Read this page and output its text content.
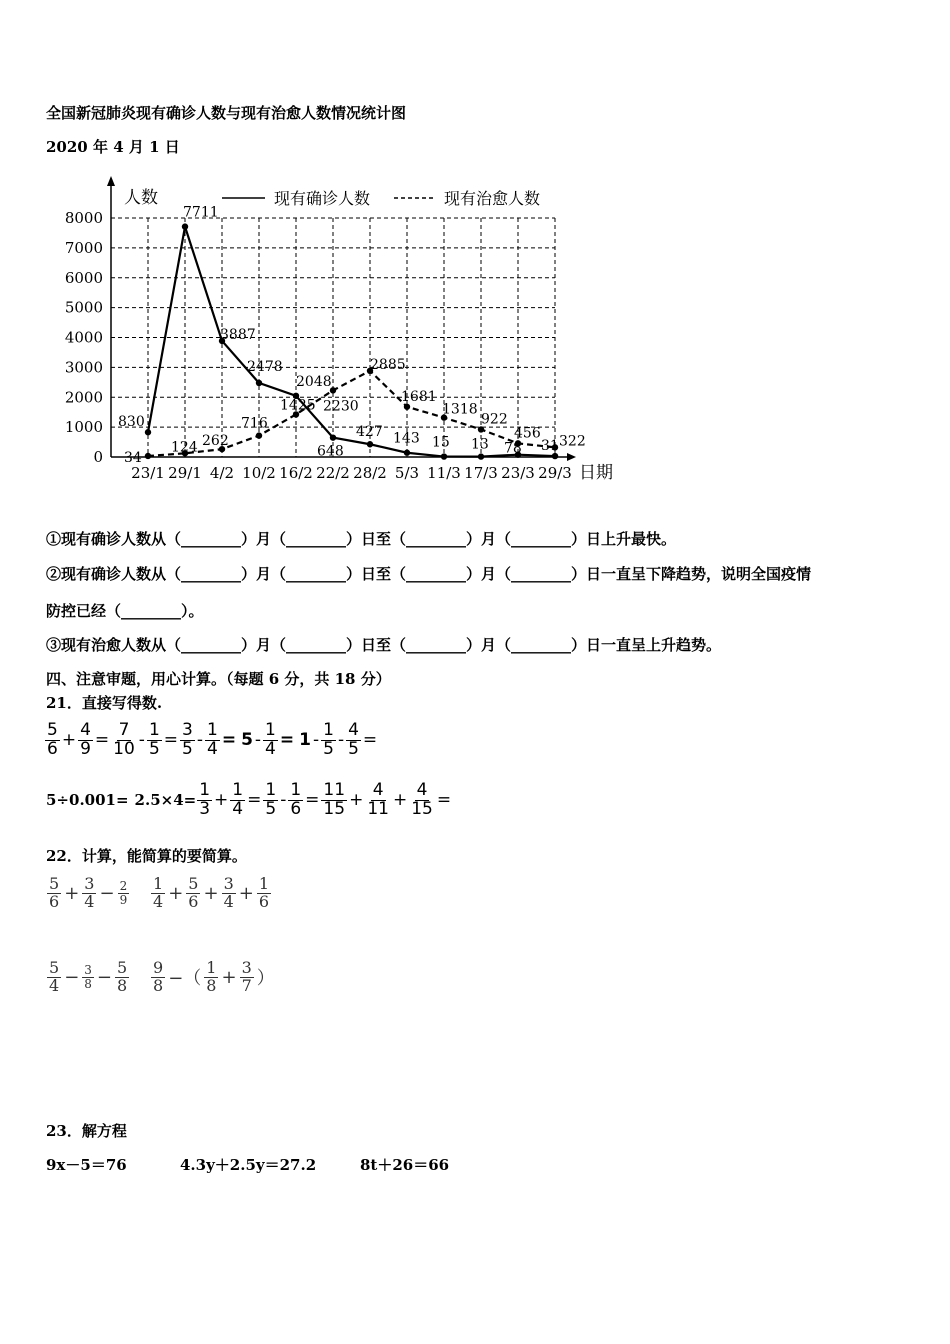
全国新冠肺炎现有确诊人数与现有治愈人数情况统计图
2020 年 4 月 1 日
0
1000
2000
3000
4000
5000
6000
7000
8000
23/1 29/1 4/2 10/2 16/2 22/2 28/2 5/3 11/3 17/3 23/3 29/3
830
7711
3887
2478
2048
648
427 143 15 13 78 31
34
124 262
716
1425 2230
2885
1681
1318
922
456
322
人数
日期
现有确诊人数	现有治愈人数
①现有确诊人数从（________）月（________）日至（________）月（________）日上升最快。
②现有确诊人数从（________）月（________）日至（________）月（________）日一直呈下降趋势，说明全国疫情
防控已经（________）。
③现有治愈人数从（________）月（________）日至（________）月（________）日一直呈上升趋势。
四、注意审题，用心计算。（每题 6 分，共 18 分）
21．直接写得数.
$\frac{5}{6} + \frac{4}{9} = \frac{7}{10} - \frac{1}{5} = \frac{3}{5} - \frac{1}{4} = 5 - \frac{1}{4} = 1 - \frac{1}{5} - \frac{4}{5}$ =
$5\div 0.001= 2.5\times 4= \frac{1}{3} + \frac{1}{4} = \frac{1}{5} - \frac{1}{6} = \frac{11}{15} + \frac{4}{11} + \frac{4}{15}$ =
22．计算，能简算的要简算。
$\frac{5}{6} + \frac{3}{4} - \frac{2}{9} \frac{1}{4} + \frac{5}{6} + \frac{3}{4} + \frac{1}{6}$
$\frac{5}{4} - \frac{3}{8} - \frac{5}{8} \frac{9}{8}$ −（ $\frac{1}{8} + \frac{3}{7}$ ）
23．解方程
9x－5＝76	4.3y＋2.5y＝27.2	8t＋26＝66
